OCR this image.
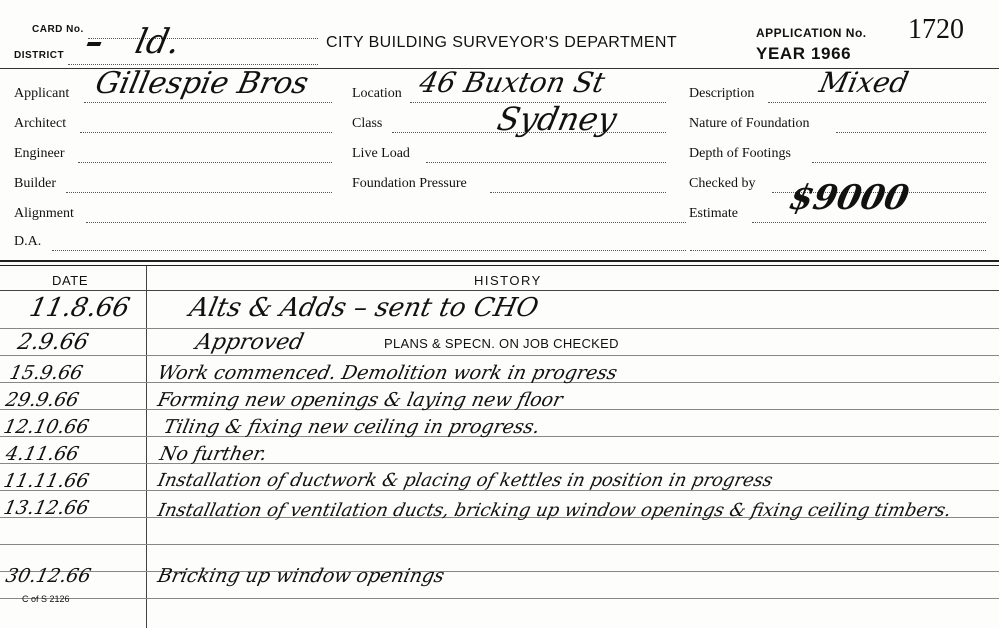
CARD No.
DISTRICT – ld.	CITY BUILDING SURVEYOR'S DEPARTMENT
APPLICATION No. 1720
YEAR 1966
Applicant Gillespie Bros
Architect
Engineer
Builder
Alignment
D.A.
Location 46 Buxton St
Class	Sydney
Live Load
Foundation Pressure
Description Mixed
Nature of Foundation
Depth of Footings
Checked by
Estimate $9000
DATE	HISTORY
11.8.66 Alts & Adds – sent to CHO
2.9.66	Approved	PLANS & SPECN. ON JOB CHECKED
15.9.66	Work commenced. Demolition work in progress
29.9.66	Forming new openings & laying new floor
12.10.66	Tiling & fixing new ceiling in progress.
4.11.66	No further.
11.11.66	Installation of ductwork & placing of kettles in position in progress
13.12.66	Installation of ventilation ducts, bricking up window openings & fixing ceiling timbers.
30.12.66	Bricking up window openings
C of S 2126
